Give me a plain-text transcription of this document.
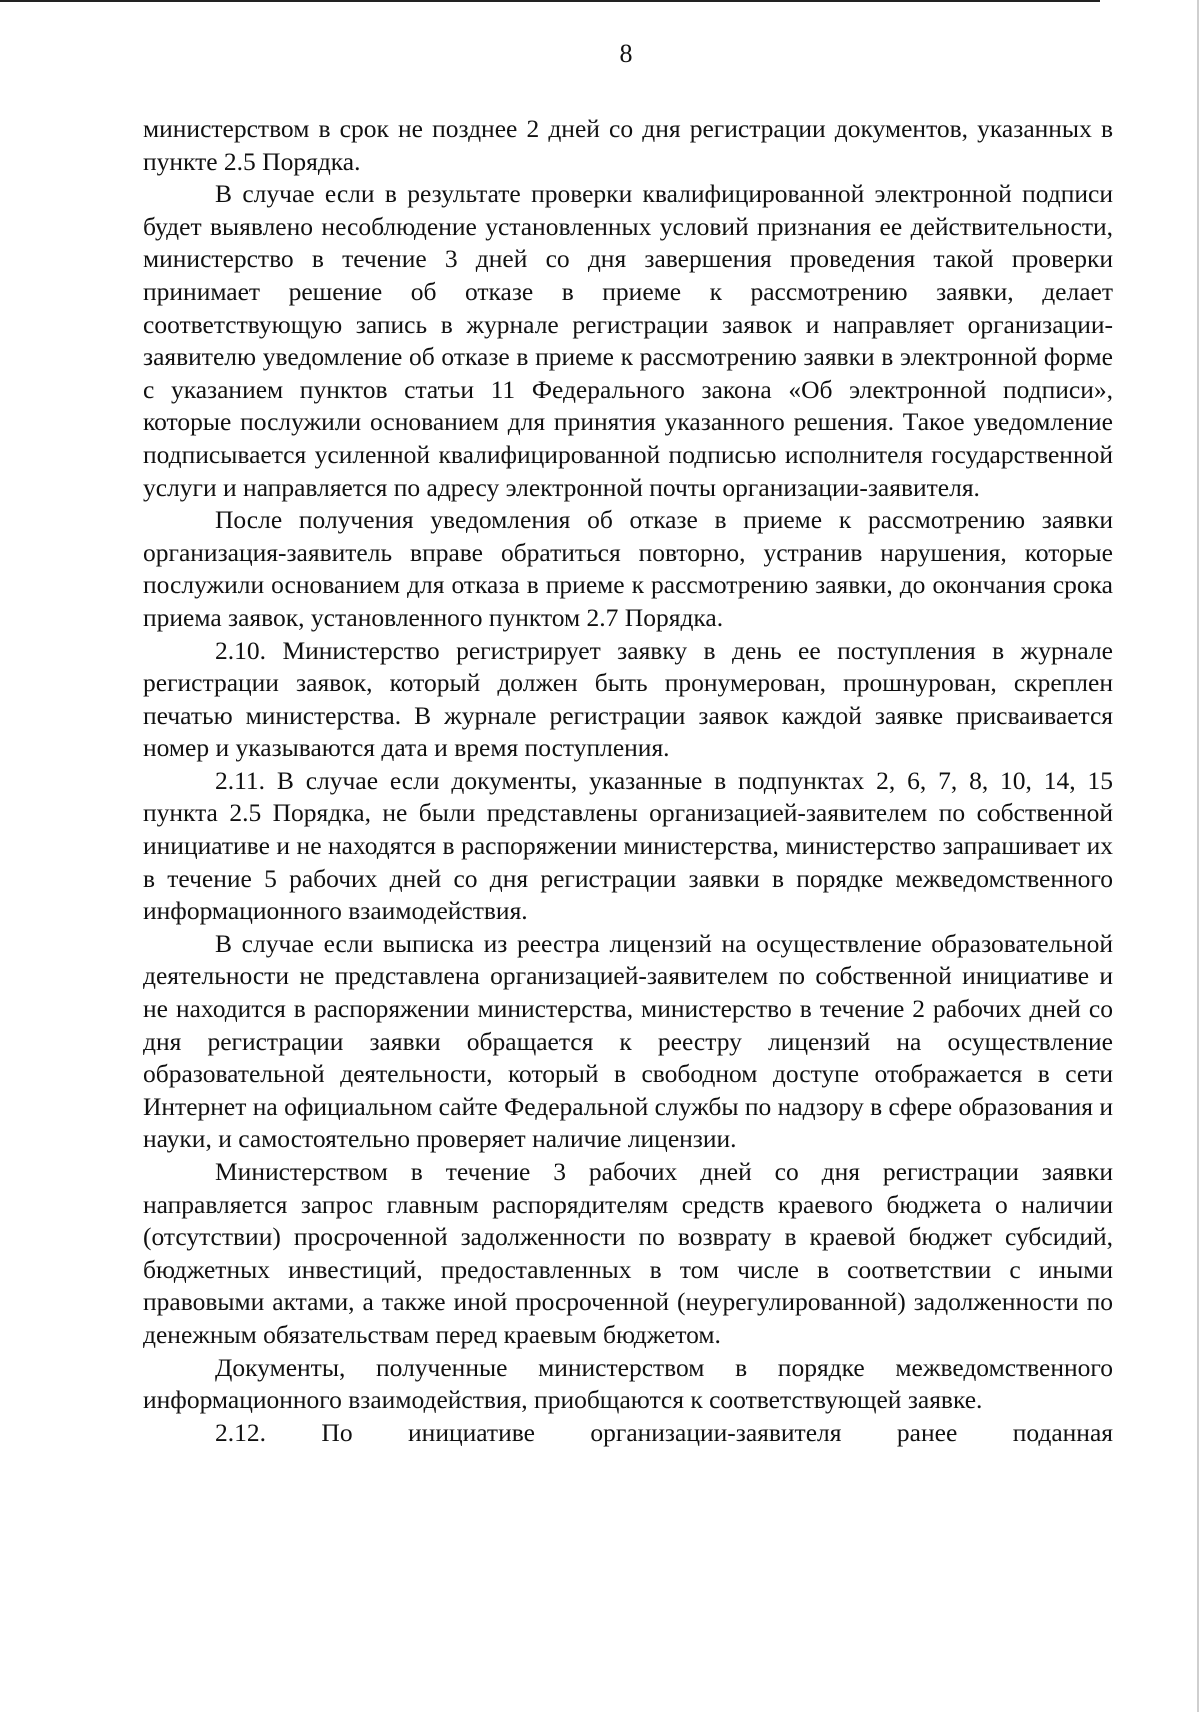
8

министерством в срок не позднее 2 дней со дня регистрации документов, указанных в пункте 2.5 Порядка.

В случае если в результате проверки квалифицированной электронной подписи будет выявлено несоблюдение установленных условий признания ее действительности, министерство в течение 3 дней со дня завершения проведения такой проверки принимает решение об отказе в приеме к рассмотрению заявки, делает соответствующую запись в журнале регистрации заявок и направляет организации-заявителю уведомление об отказе в приеме к рассмотрению заявки в электронной форме с указанием пунктов статьи 11 Федерального закона «Об электронной подписи», которые послужили основанием для принятия указанного решения. Такое уведомление подписывается усиленной квалифицированной подписью исполнителя государственной услуги и направляется по адресу электронной почты организации-заявителя.

После получения уведомления об отказе в приеме к рассмотрению заявки организация-заявитель вправе обратиться повторно, устранив нарушения, которые послужили основанием для отказа в приеме к рассмотрению заявки, до окончания срока приема заявок, установленного пунктом 2.7 Порядка.

2.10. Министерство регистрирует заявку в день ее поступления в журнале регистрации заявок, который должен быть пронумерован, прошнурован, скреплен печатью министерства. В журнале регистрации заявок каждой заявке присваивается номер и указываются дата и время поступления.

2.11. В случае если документы, указанные в подпунктах 2, 6, 7, 8, 10, 14, 15 пункта 2.5 Порядка, не были представлены организацией-заявителем по собственной инициативе и не находятся в распоряжении министерства, министерство запрашивает их в течение 5 рабочих дней со дня регистрации заявки в порядке межведомственного информационного взаимодействия.

В случае если выписка из реестра лицензий на осуществление образовательной деятельности не представлена организацией-заявителем по собственной инициативе и не находится в распоряжении министерства, министерство в течение 2 рабочих дней со дня регистрации заявки обращается к реестру лицензий на осуществление образовательной деятельности, который в свободном доступе отображается в сети Интернет на официальном сайте Федеральной службы по надзору в сфере образования и науки, и самостоятельно проверяет наличие лицензии.

Министерством в течение 3 рабочих дней со дня регистрации заявки направляется запрос главным распорядителям средств краевого бюджета о наличии (отсутствии) просроченной задолженности по возврату в краевой бюджет субсидий, бюджетных инвестиций, предоставленных в том числе в соответствии с иными правовыми актами, а также иной просроченной (неурегулированной) задолженности по денежным обязательствам перед краевым бюджетом.

Документы, полученные министерством в порядке межведомственного информационного взаимодействия, приобщаются к соответствующей заявке.

2.12. По инициативе организации-заявителя ранее поданная
